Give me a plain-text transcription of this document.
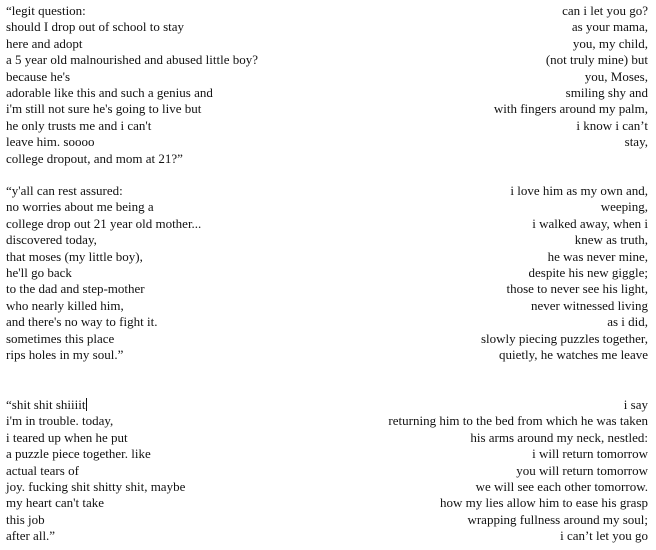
“legit question:
should I drop out of school to stay
here and adopt
a 5 year old malnourished and abused little boy?
because he's
adorable like this and such a genius and
i'm still not sure he's going to live but
he only trusts me and i can't
leave him. soooo
college dropout, and mom at 21?”
can i let you go?
as your mama,
you, my child,
(not truly mine) but
you, Moses,
smiling shy and
with fingers around my palm,
i know i can’t
stay,
“y'all can rest assured:
no worries about me being a
college drop out 21 year old mother...
discovered today,
that moses (my little boy),
he'll go back
to the dad and step-mother
who nearly killed him,
and there's no way to fight it.
sometimes this place
rips holes in my soul.”
i love him as my own and,
weeping,
i walked away, when i
knew as truth,
he was never mine,
despite his new giggle;
those to never see his light,
never witnessed living
as i did,
slowly piecing puzzles together,
quietly, he watches me leave
“shit shit shiiiit
i'm in trouble. today,
i teared up when he put
a puzzle piece together. like
actual tears of
joy. fucking shit shitty shit, maybe
my heart can't take
this job
after all.”
i say
returning him to the bed from which he was taken
his arms around my neck, nestled:
i will return tomorrow
you will return tomorrow
we will see each other tomorrow.
how my lies allow him to ease his grasp
wrapping fullness around my soul;
i can’t let you go
